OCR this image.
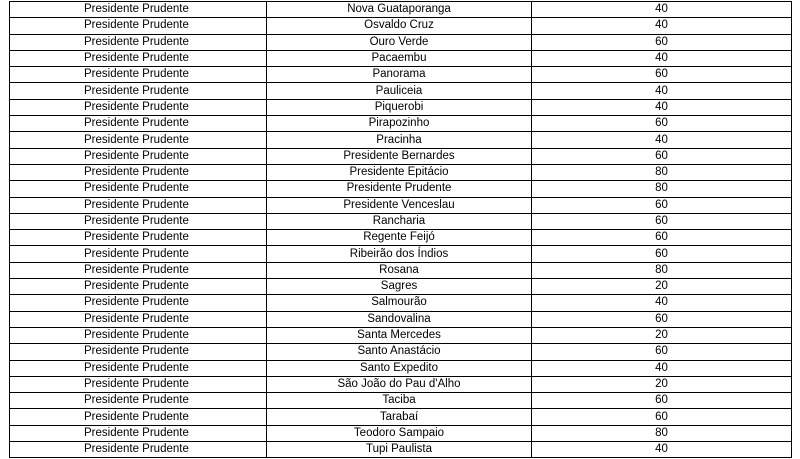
Presidente Prudente	Nova Guataporanga	40
Presidente Prudente	Osvaldo Cruz	40
Presidente Prudente	Ouro Verde	60
Presidente Prudente	Pacaembu	40
Presidente Prudente	Panorama	60
Presidente Prudente	Pauliceia	40
Presidente Prudente	Piquerobi	40
Presidente Prudente	Pirapozinho	60
Presidente Prudente	Pracinha	40
Presidente Prudente	Presidente Bernardes	60
Presidente Prudente	Presidente Epitácio	80
Presidente Prudente	Presidente Prudente	80
Presidente Prudente	Presidente Venceslau	60
Presidente Prudente	Rancharia	60
Presidente Prudente	Regente Feijó	60
Presidente Prudente	Ribeirão dos Índios	60
Presidente Prudente	Rosana	80
Presidente Prudente	Sagres	20
Presidente Prudente	Salmourão	40
Presidente Prudente	Sandovalina	60
Presidente Prudente	Santa Mercedes	20
Presidente Prudente	Santo Anastácio	60
Presidente Prudente	Santo Expedito	40
Presidente Prudente	São João do Pau d'Alho	20
Presidente Prudente	Taciba	60
Presidente Prudente	Tarabaí	60
Presidente Prudente	Teodoro Sampaio	80
Presidente Prudente	Tupi Paulista	40
